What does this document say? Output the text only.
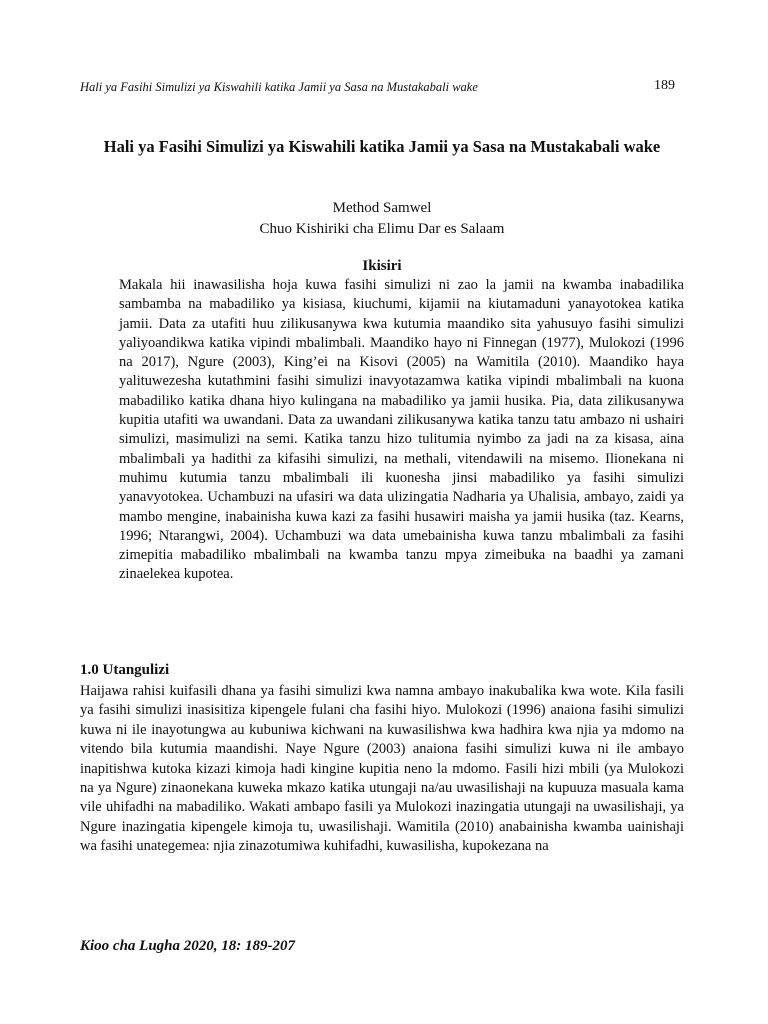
Hali ya Fasihi Simulizi ya Kiswahili katika Jamii ya Sasa na Mustakabali wake	189
Hali ya Fasihi Simulizi ya Kiswahili katika Jamii ya Sasa na Mustakabali wake
Method Samwel
Chuo Kishiriki cha Elimu Dar es Salaam
Ikisiri

Makala hii inawasilisha hoja kuwa fasihi simulizi ni zao la jamii na kwamba inabadilika sambamba na mabadiliko ya kisiasa, kiuchumi, kijamii na kiutamaduni yanayotokea katika jamii. Data za utafiti huu zilikusanywa kwa kutumia maandiko sita yahusuyo fasihi simulizi yaliyoandikwa katika vipindi mbalimbali. Maandiko hayo ni Finnegan (1977), Mulokozi (1996 na 2017), Ngure (2003), King’ei na Kisovi (2005) na Wamitila (2010). Maandiko haya yalituwezesha kutathmini fasihi simulizi inavyotazamwa katika vipindi mbalimbali na kuona mabadiliko katika dhana hiyo kulingana na mabadiliko ya jamii husika. Pia, data zilikusanywa kupitia utafiti wa uwandani. Data za uwandani zilikusanywa katika tanzu tatu ambazo ni ushairi simulizi, masimulizi na semi. Katika tanzu hizo tulitumia nyimbo za jadi na za kisasa, aina mbalimbali ya hadithi za kifasihi simulizi, na methali, vitendawili na misemo. Ilionekana ni muhimu kutumia tanzu mbalimbali ili kuonesha jinsi mabadiliko ya fasihi simulizi yanavyotokea. Uchambuzi na ufasiri wa data ulizingatia Nadharia ya Uhalisia, ambayo, zaidi ya mambo mengine, inabainisha kuwa kazi za fasihi husawiri maisha ya jamii husika (taz. Kearns, 1996; Ntarangwi, 2004). Uchambuzi wa data umebainisha kuwa tanzu mbalimbali za fasihi zimepitia mabadiliko mbalimbali na kwamba tanzu mpya zimeibuka na baadhi ya zamani zinaelekea kupotea.

1.0 Utangulizi

Haijawa rahisi kuifasili dhana ya fasihi simulizi kwa namna ambayo inakubalika kwa wote. Kila fasili ya fasihi simulizi inasisitiza kipengele fulani cha fasihi hiyo. Mulokozi (1996) anaiona fasihi simulizi kuwa ni ile inayotungwa au kubuniwa kichwani na kuwasilishwa kwa hadhira kwa njia ya mdomo na vitendo bila kutumia maandishi. Naye Ngure (2003) anaiona fasihi simulizi kuwa ni ile ambayo inapitishwa kutoka kizazi kimoja hadi kingine kupitia neno la mdomo. Fasili hizi mbili (ya Mulokozi na ya Ngure) zinaonekana kuweka mkazo katika utungaji na/au uwasilishaji na kupuuza masuala kama vile uhifadhi na mabadiliko. Wakati ambapo fasili ya Mulokozi inazingatia utungaji na uwasilishaji, ya Ngure inazingatia kipengele kimoja tu, uwasilishaji. Wamitila (2010) anabainisha kwamba uainishaji wa fasihi unategemea: njia zinazotumiwa kuhifadhi, kuwasilisha, kupokezana na

Kioo cha Lugha 2020, 18: 189-207
